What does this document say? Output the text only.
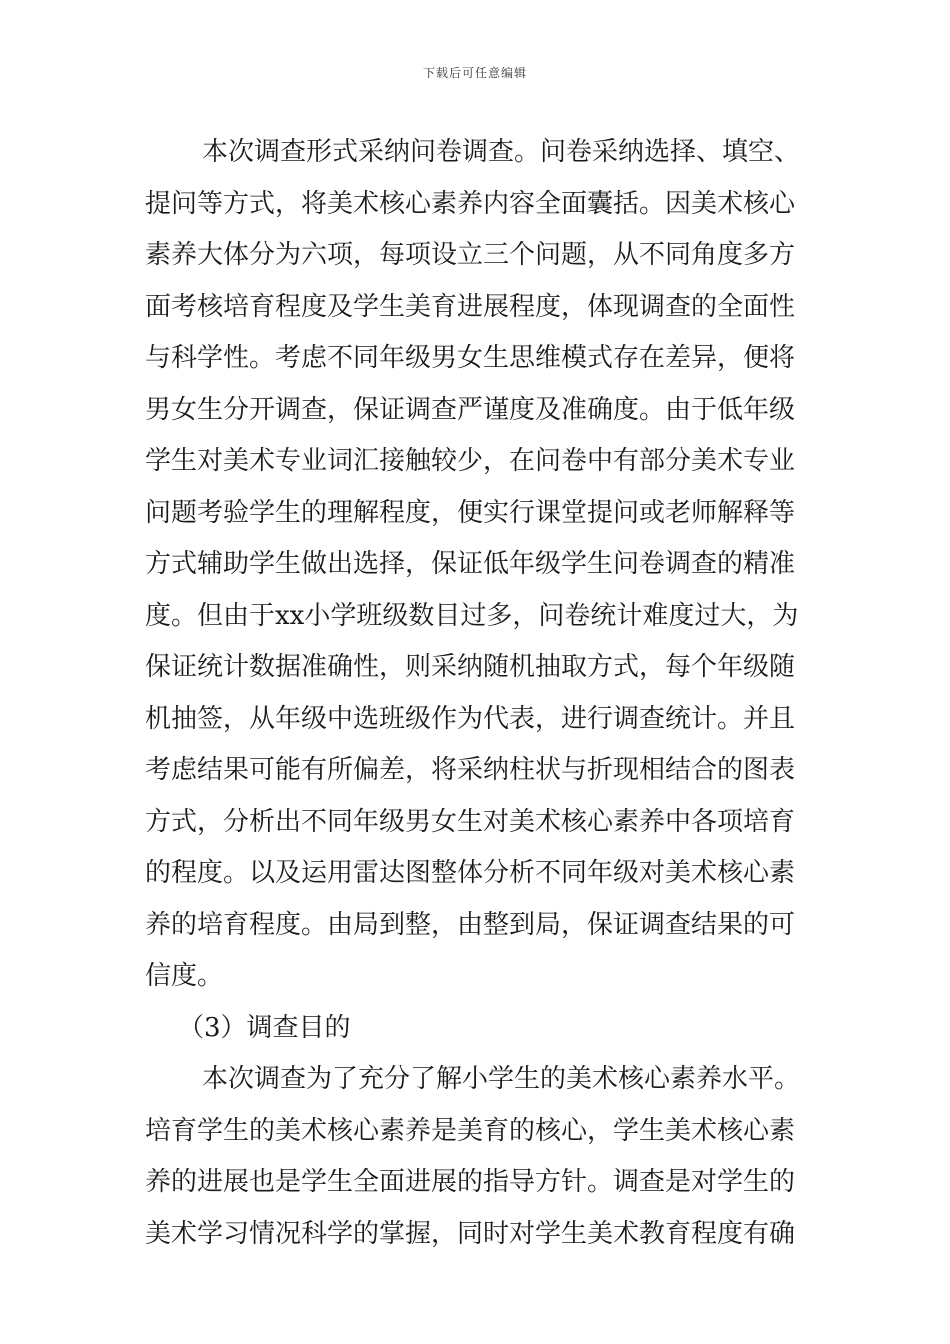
下载后可任意编辑
本次调查形式采纳问卷调查。问卷采纳选择、填空、
提问等方式，将美术核心素养内容全面囊括。因美术核心
素养大体分为六项，每项设立三个问题，从不同角度多方
面考核培育程度及学生美育进展程度，体现调查的全面性
与科学性。考虑不同年级男女生思维模式存在差异，便将
男女生分开调查，保证调查严谨度及准确度。由于低年级
学生对美术专业词汇接触较少，在问卷中有部分美术专业
问题考验学生的理解程度，便实行课堂提问或老师解释等
方式辅助学生做出选择，保证低年级学生问卷调查的精准
度。但由于xx小学班级数目过多，问卷统计难度过大，为
保证统计数据准确性，则采纳随机抽取方式，每个年级随
机抽签，从年级中选班级作为代表，进行调查统计。并且
考虑结果可能有所偏差，将采纳柱状与折现相结合的图表
方式，分析出不同年级男女生对美术核心素养中各项培育
的程度。以及运用雷达图整体分析不同年级对美术核心素
养的培育程度。由局到整，由整到局，保证调查结果的可
信度。
（3）调查目的
本次调查为了充分了解小学生的美术核心素养水平。
培育学生的美术核心素养是美育的核心，学生美术核心素
养的进展也是学生全面进展的指导方针。调查是对学生的
美术学习情况科学的掌握，同时对学生美术教育程度有确
